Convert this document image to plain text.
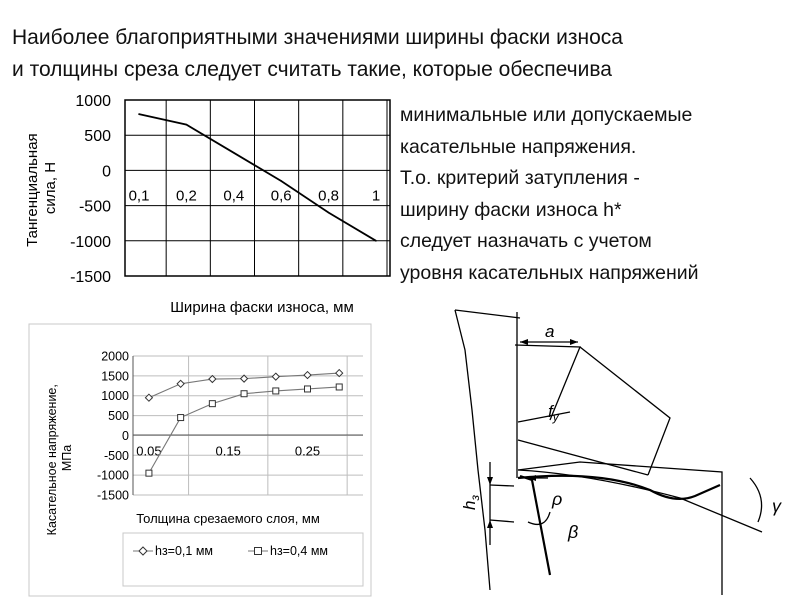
Наиболее благоприятными значениями ширины фаски износа
и толщины среза следует считать такие, которые обеспечива
минимальные или допускаемые
касательные напряжения.
Т.о. критерий затупления -
ширину фаски износа h*
следует назначать с учетом
уровня касательных напряжений
1000
500
0
-500
-1000
-1500
0,1 0,2 0,4 0,6 0,8 1
Ширина фаски износа, мм
Тангенциальная сила, Н
2000
1500
1000
500
0
-500
-1000
-1500
0.05	0.15	0.25
Толщина срезаемого слоя, мм
Касательное напряжение, МПа
hз=0,1 мм	hз=0,4 мм
a
$f_y$
$h_з$	ρ
β
γ
